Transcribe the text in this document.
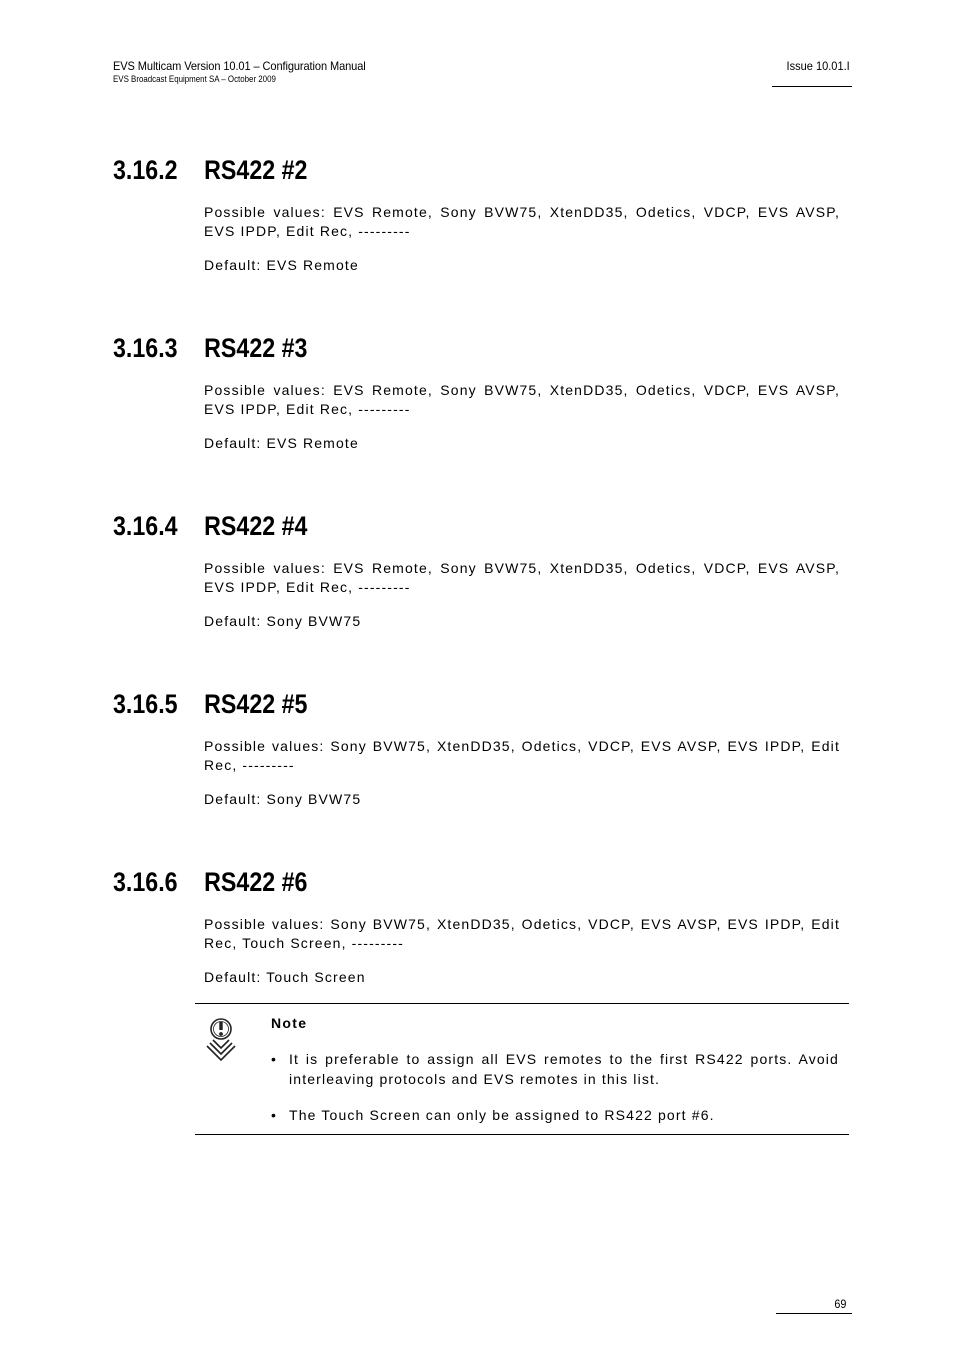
EVS Multicam Version 10.01 – Configuration Manual
EVS Broadcast Equipment SA – October 2009
Issue 10.01.I
3.16.2 RS422 #2
Possible values: EVS Remote, Sony BVW75, XtenDD35, Odetics, VDCP, EVS AVSP, EVS IPDP, Edit Rec, ---------
Default: EVS Remote
3.16.3 RS422 #3
Possible values: EVS Remote, Sony BVW75, XtenDD35, Odetics, VDCP, EVS AVSP, EVS IPDP, Edit Rec, ---------
Default: EVS Remote
3.16.4 RS422 #4
Possible values: EVS Remote, Sony BVW75, XtenDD35, Odetics, VDCP, EVS AVSP, EVS IPDP, Edit Rec, ---------
Default: Sony BVW75
3.16.5 RS422 #5
Possible values: Sony BVW75, XtenDD35, Odetics, VDCP, EVS AVSP, EVS IPDP, Edit Rec, ---------
Default: Sony BVW75
3.16.6 RS422 #6
Possible values: Sony BVW75, XtenDD35, Odetics, VDCP, EVS AVSP, EVS IPDP, Edit Rec, Touch Screen, ---------
Default: Touch Screen
Note
• It is preferable to assign all EVS remotes to the first RS422 ports. Avoid interleaving protocols and EVS remotes in this list.
• The Touch Screen can only be assigned to RS422 port #6.
69
